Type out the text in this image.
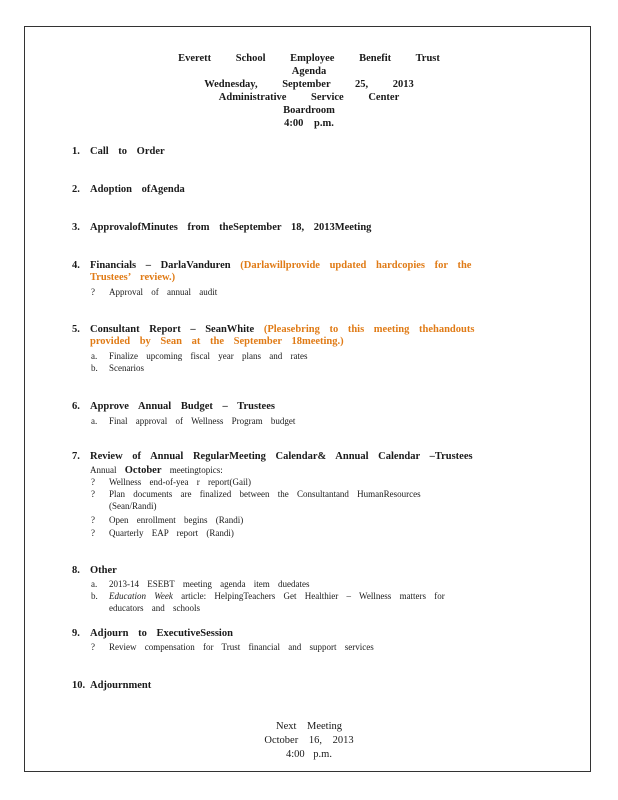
Everett School Employee Benefit Trust
Agenda
Wednesday, September 25, 2013
Administrative Service Center
Boardroom
4:00 p.m.
1. Call to Order
2. Adoption ofAgenda
3. ApprovalofMinutes from theSeptember 18, 2013Meeting
4. Financials – DarlaVanduren (Darlawillprovide updated hardcopies for the Trustees’ review.)
? Approval of annual audit
5. Consultant Report – SeanWhite (Pleasebring to this meeting thehandouts provided by Sean at the September 18meeting.)
a. Finalize upcoming fiscal year plans and rates
b. Scenarios
6. Approve Annual Budget – Trustees
a. Final approval of Wellness Program budget
7. Review of Annual RegularMeeting Calendar& Annual Calendar –Trustees
Annual October meetingtopics:
? Wellness end-of-yea r report(Gail)
? Plan documents are finalized between the Consultantand HumanResources
(Sean/Randi)
? Open enrollment begins (Randi)
? Quarterly EAP report (Randi)
8. Other
a. 2013-14 ESEBT meeting agenda item duedates
b. Education Week article: HelpingTeachers Get Healthier – Wellness matters for
educators and schools
9. Adjourn to ExecutiveSession
? Review compensation for Trust financial and support services
10. Adjournment
Next Meeting
October 16, 2013
4:00 p.m.
